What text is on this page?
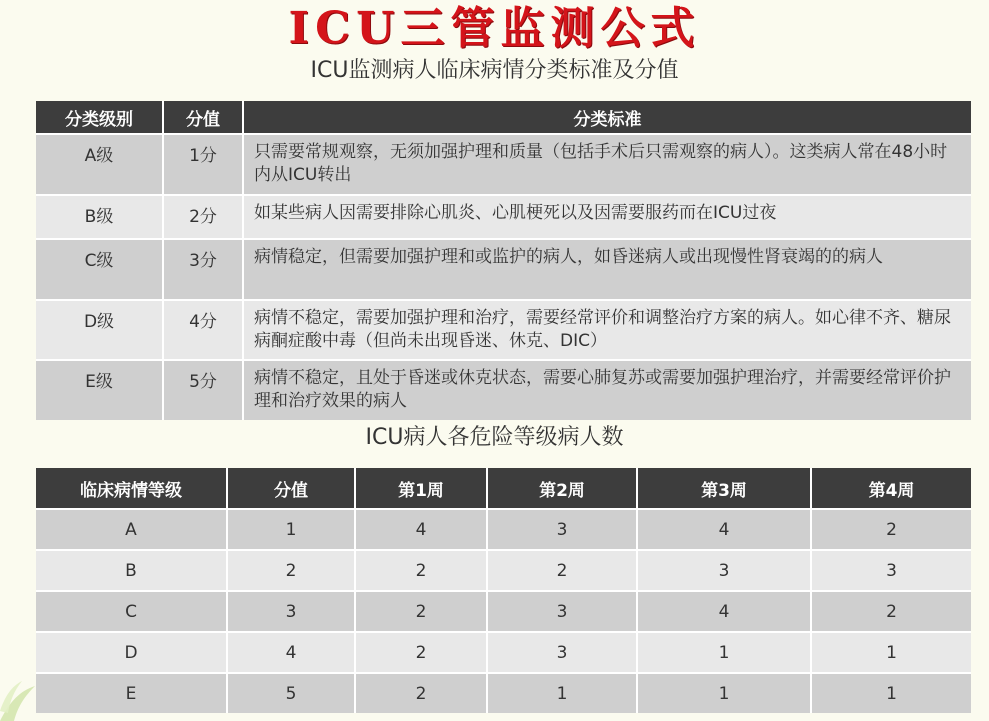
ICU三管监测公式
ICU监测病人临床病情分类标准及分值
分类级别	分值	分类标准
A级	1分	只需要常规观察，无须加强护理和质量（包括手术后只需观察的病人）。这类病人常在48小时内从ICU转出
B级	2分	如某些病人因需要排除心肌炎、心肌梗死以及因需要服药而在ICU过夜
C级	3分	病情稳定，但需要加强护理和或监护的病人，如昏迷病人或出现慢性肾衰竭的的病人
D级	4分	病情不稳定，需要加强护理和治疗，需要经常评价和调整治疗方案的病人。如心律不齐、糖尿病酮症酸中毒（但尚未出现昏迷、休克、DIC）
E级	5分	病情不稳定，且处于昏迷或休克状态，需要心肺复苏或需要加强护理治疗，并需要经常评价护理和治疗效果的病人
ICU病人各危险等级病人数
临床病情等级	分值	第1周	第2周	第3周	第4周
A	1	4	3	4	2
B	2	2	2	3	3
C	3	2	3	4	2
D	4	2	3	1	1
E	5	2	1	1	1
